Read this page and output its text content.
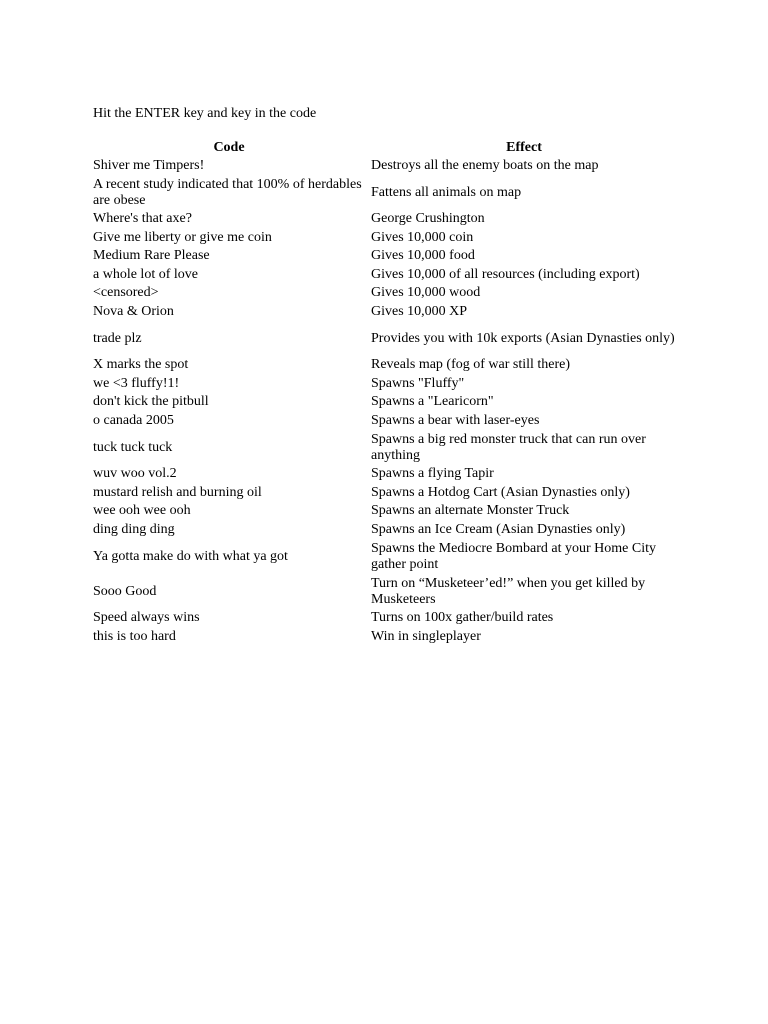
Hit the ENTER key and key in the code
Code	Effect
Shiver me Timpers!	Destroys all the enemy boats on the map
A recent study indicated that 100% of herdables are obese	Fattens all animals on map
Where's that axe?	George Crushington
Give me liberty or give me coin	Gives 10,000 coin
Medium Rare Please	Gives 10,000 food
a whole lot of love	Gives 10,000 of all resources (including export)
<censored>	Gives 10,000 wood
Nova & Orion	Gives 10,000 XP
trade plz	Provides you with 10k exports (Asian Dynasties only)
X marks the spot	Reveals map (fog of war still there)
we <3 fluffy!1!	Spawns "Fluffy"
don't kick the pitbull	Spawns a "Learicorn"
o canada 2005	Spawns a bear with laser-eyes
tuck tuck tuck	Spawns a big red monster truck that can run over anything
wuv woo vol.2	Spawns a flying Tapir
mustard relish and burning oil	Spawns a Hotdog Cart (Asian Dynasties only)
wee ooh wee ooh	Spawns an alternate Monster Truck
ding ding ding	Spawns an Ice Cream (Asian Dynasties only)
Ya gotta make do with what ya got	Spawns the Mediocre Bombard at your Home City gather point
Sooo Good	Turn on “Musketeer’ed!” when you get killed by Musketeers
Speed always wins	Turns on 100x gather/build rates
this is too hard	Win in singleplayer
